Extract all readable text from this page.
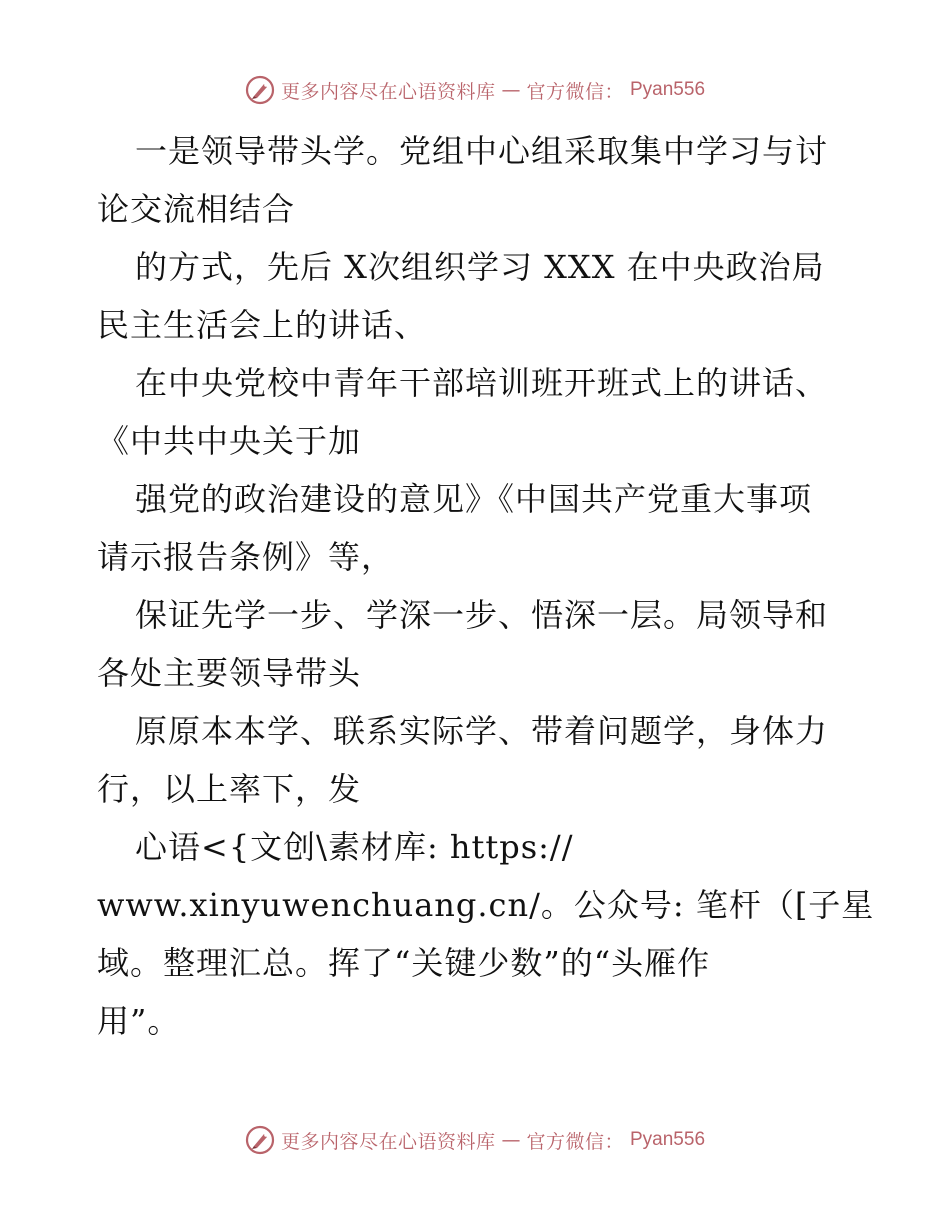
更多内容尽在心语资料库 — 官方微信： Pyan556
一是领导带头学。党组中心组采取集中学习与讨
论交流相结合
的方式，先后 X次组织学习 XXX 在中央政治局
民主生活会上的讲话、
在中央党校中青年干部培训班开班式上的讲话、
《中共中央关于加
强党的政治建设的意见》《中国共产党重大事项
请示报告条例》等，
保证先学一步、学深一步、悟深一层。局领导和
各处主要领导带头
原原本本学、联系实际学、带着问题学，身体力
行，以上率下，发
心语<{文创\素材库: https://
www.xinyuwenchuang.cn/。公众号: 笔杆（[子星
域。整理汇总。挥了“关键少数”的“头雁作
用”。
更多内容尽在心语资料库 — 官方微信： Pyan556
